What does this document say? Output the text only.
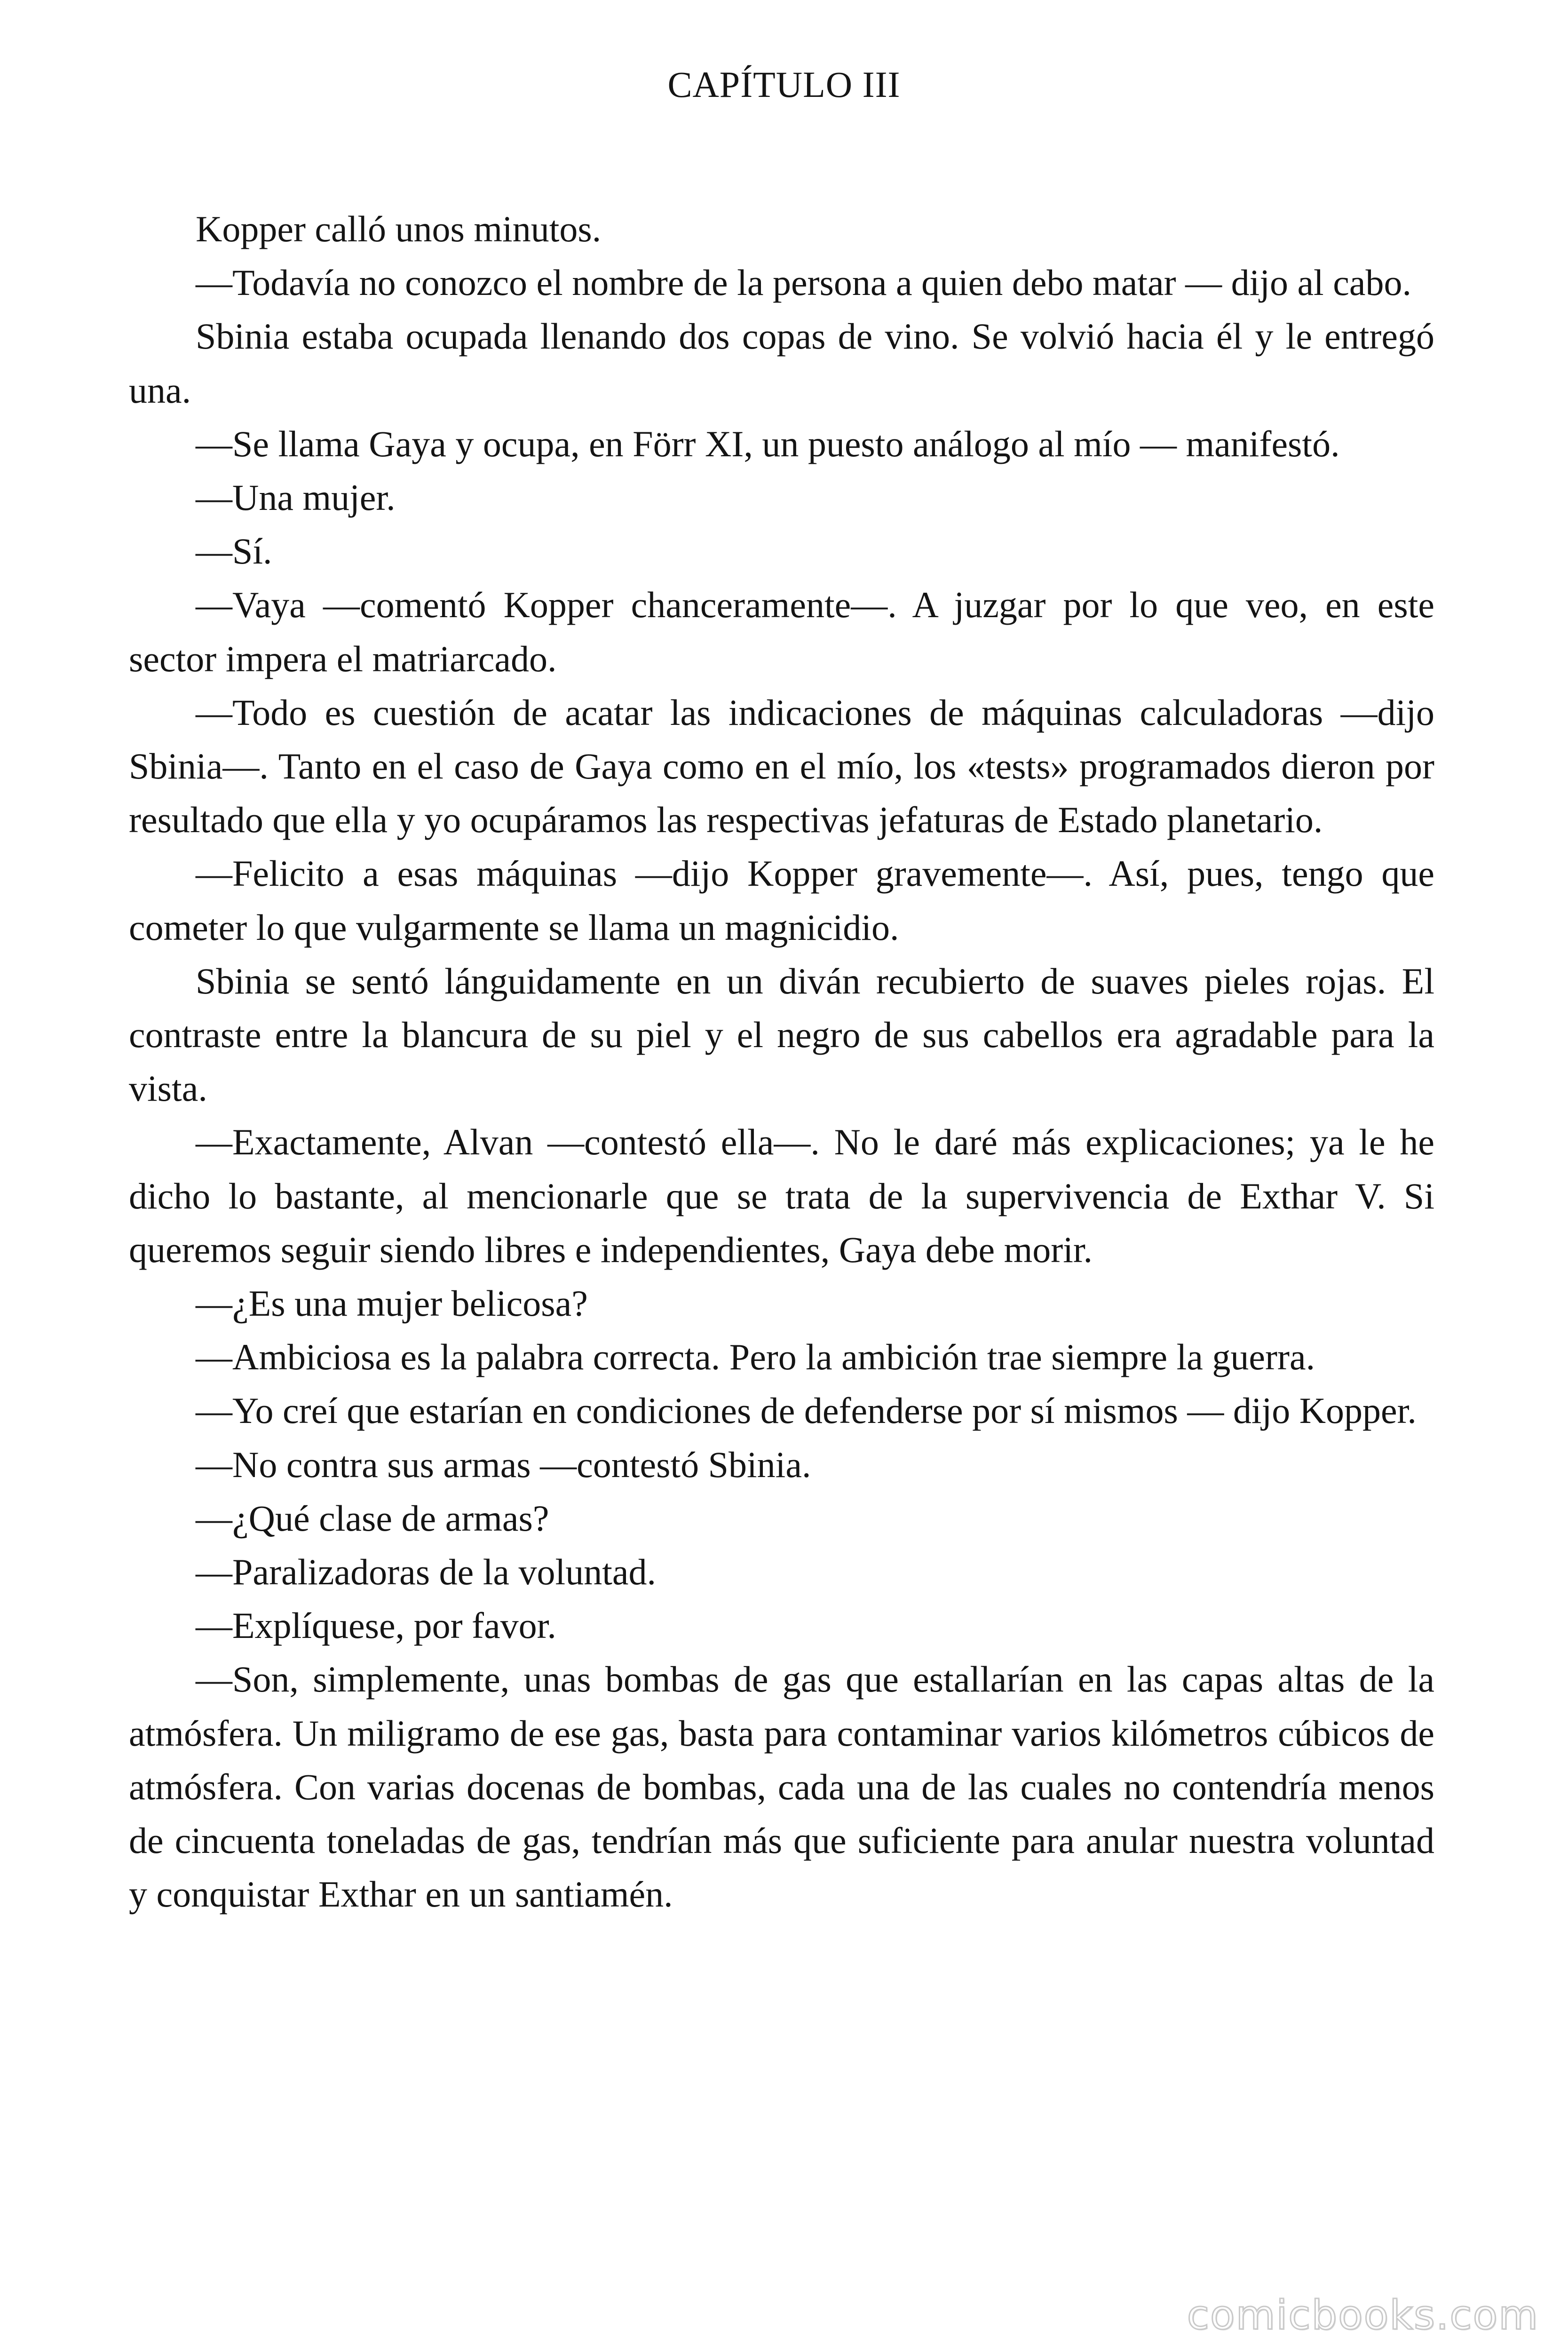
CAPÍTULO III

Kopper calló unos minutos.

—Todavía no conozco el nombre de la persona a quien debo matar — dijo al cabo.

Sbinia estaba ocupada llenando dos copas de vino. Se volvió hacia él y le entregó una.

—Se llama Gaya y ocupa, en Förr XI, un puesto análogo al mío — manifestó.

—Una mujer.

—Sí.

—Vaya —comentó Kopper chanceramente—. A juzgar por lo que veo, en este sector impera el matriarcado.

—Todo es cuestión de acatar las indicaciones de máquinas calculadoras —dijo Sbinia—. Tanto en el caso de Gaya como en el mío, los «tests» programados dieron por resultado que ella y yo ocupáramos las respectivas jefaturas de Estado planetario.

—Felicito a esas máquinas —dijo Kopper gravemente—. Así, pues, tengo que cometer lo que vulgarmente se llama un magnicidio.

Sbinia se sentó lánguidamente en un diván recubierto de suaves pieles rojas. El contraste entre la blancura de su piel y el negro de sus cabellos era agradable para la vista.

—Exactamente, Alvan —contestó ella—. No le daré más explicaciones; ya le he dicho lo bastante, al mencionarle que se trata de la supervivencia de Exthar V. Si queremos seguir siendo libres e independientes, Gaya debe morir.

—¿Es una mujer belicosa?

—Ambiciosa es la palabra correcta. Pero la ambición trae siempre la guerra.

—Yo creí que estarían en condiciones de defenderse por sí mismos — dijo Kopper.

—No contra sus armas —contestó Sbinia.

—¿Qué clase de armas?

—Paralizadoras de la voluntad.

—Explíquese, por favor.

—Son, simplemente, unas bombas de gas que estallarían en las capas altas de la atmósfera. Un miligramo de ese gas, basta para contaminar varios kilómetros cúbicos de atmósfera. Con varias docenas de bombas, cada una de las cuales no contendría menos de cincuenta toneladas de gas, tendrían más que suficiente para anular nuestra voluntad y conquistar Exthar en un santiamén.

comicbooks.com
